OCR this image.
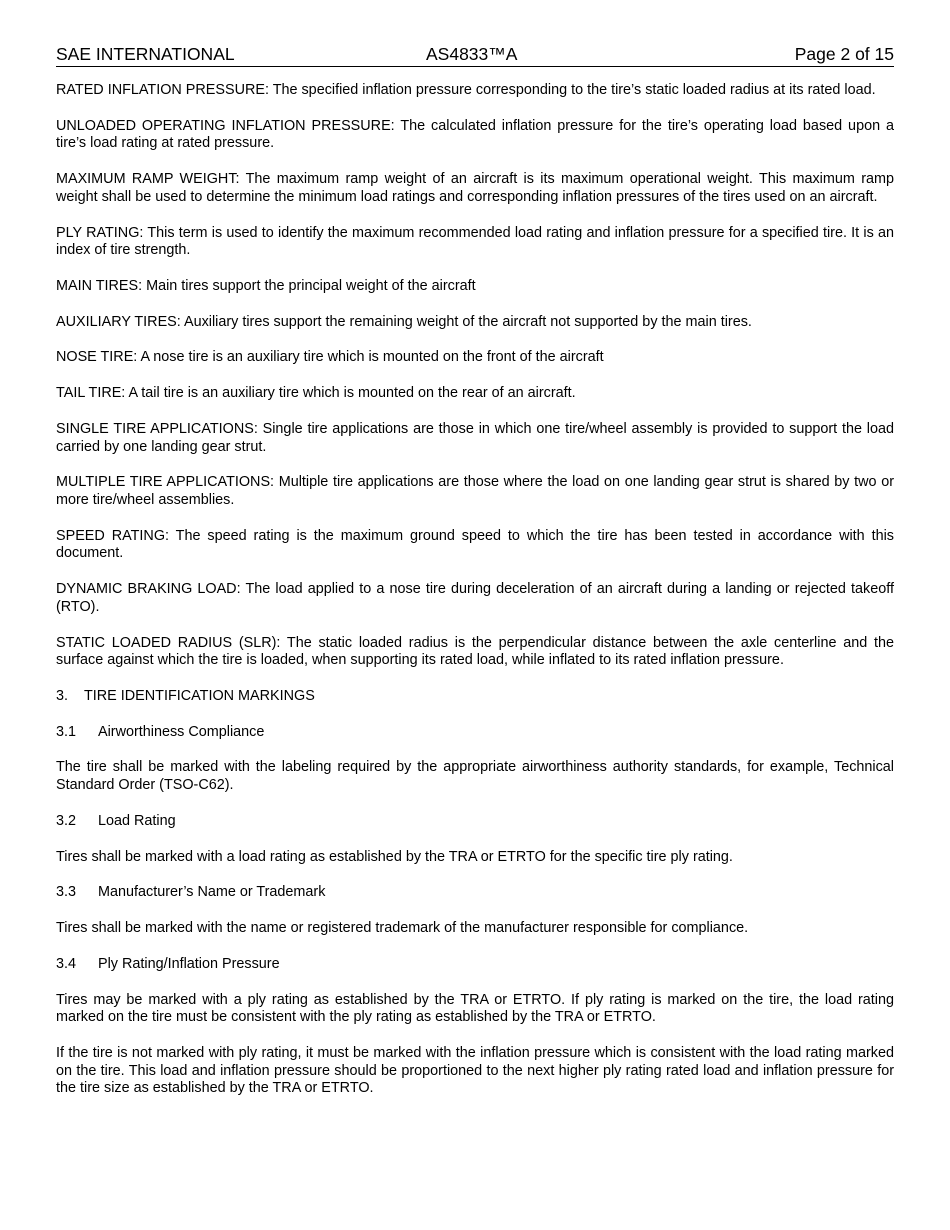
SAE INTERNATIONAL	AS4833™A	Page 2 of 15

RATED INFLATION PRESSURE: The specified inflation pressure corresponding to the tire’s static loaded radius at its rated load.

UNLOADED OPERATING INFLATION PRESSURE: The calculated inflation pressure for the tire’s operating load based upon a tire’s load rating at rated pressure.

MAXIMUM RAMP WEIGHT: The maximum ramp weight of an aircraft is its maximum operational weight. This maximum ramp weight shall be used to determine the minimum load ratings and corresponding inflation pressures of the tires used on an aircraft.

PLY RATING: This term is used to identify the maximum recommended load rating and inflation pressure for a specified tire. It is an index of tire strength.

MAIN TIRES: Main tires support the principal weight of the aircraft

AUXILIARY TIRES: Auxiliary tires support the remaining weight of the aircraft not supported by the main tires.

NOSE TIRE: A nose tire is an auxiliary tire which is mounted on the front of the aircraft

TAIL TIRE: A tail tire is an auxiliary tire which is mounted on the rear of an aircraft.

SINGLE TIRE APPLICATIONS: Single tire applications are those in which one tire/wheel assembly is provided to support the load carried by one landing gear strut.

MULTIPLE TIRE APPLICATIONS: Multiple tire applications are those where the load on one landing gear strut is shared by two or more tire/wheel assemblies.

SPEED RATING: The speed rating is the maximum ground speed to which the tire has been tested in accordance with this document.

DYNAMIC BRAKING LOAD: The load applied to a nose tire during deceleration of an aircraft during a landing or rejected takeoff (RTO).

STATIC LOADED RADIUS (SLR): The static loaded radius is the perpendicular distance between the axle centerline and the surface against which the tire is loaded, when supporting its rated load, while inflated to its rated inflation pressure.

3. TIRE IDENTIFICATION MARKINGS
3.1 Airworthiness Compliance

The tire shall be marked with the labeling required by the appropriate airworthiness authority standards, for example, Technical Standard Order (TSO-C62).

3.2 Load Rating

Tires shall be marked with a load rating as established by the TRA or ETRTO for the specific tire ply rating.

3.3 Manufacturer’s Name or Trademark

Tires shall be marked with the name or registered trademark of the manufacturer responsible for compliance.

3.4 Ply Rating/Inflation Pressure

Tires may be marked with a ply rating as established by the TRA or ETRTO. If ply rating is marked on the tire, the load rating marked on the tire must be consistent with the ply rating as established by the TRA or ETRTO.

If the tire is not marked with ply rating, it must be marked with the inflation pressure which is consistent with the load rating marked on the tire. This load and inflation pressure should be proportioned to the next higher ply rating rated load and inflation pressure for the tire size as established by the TRA or ETRTO.
